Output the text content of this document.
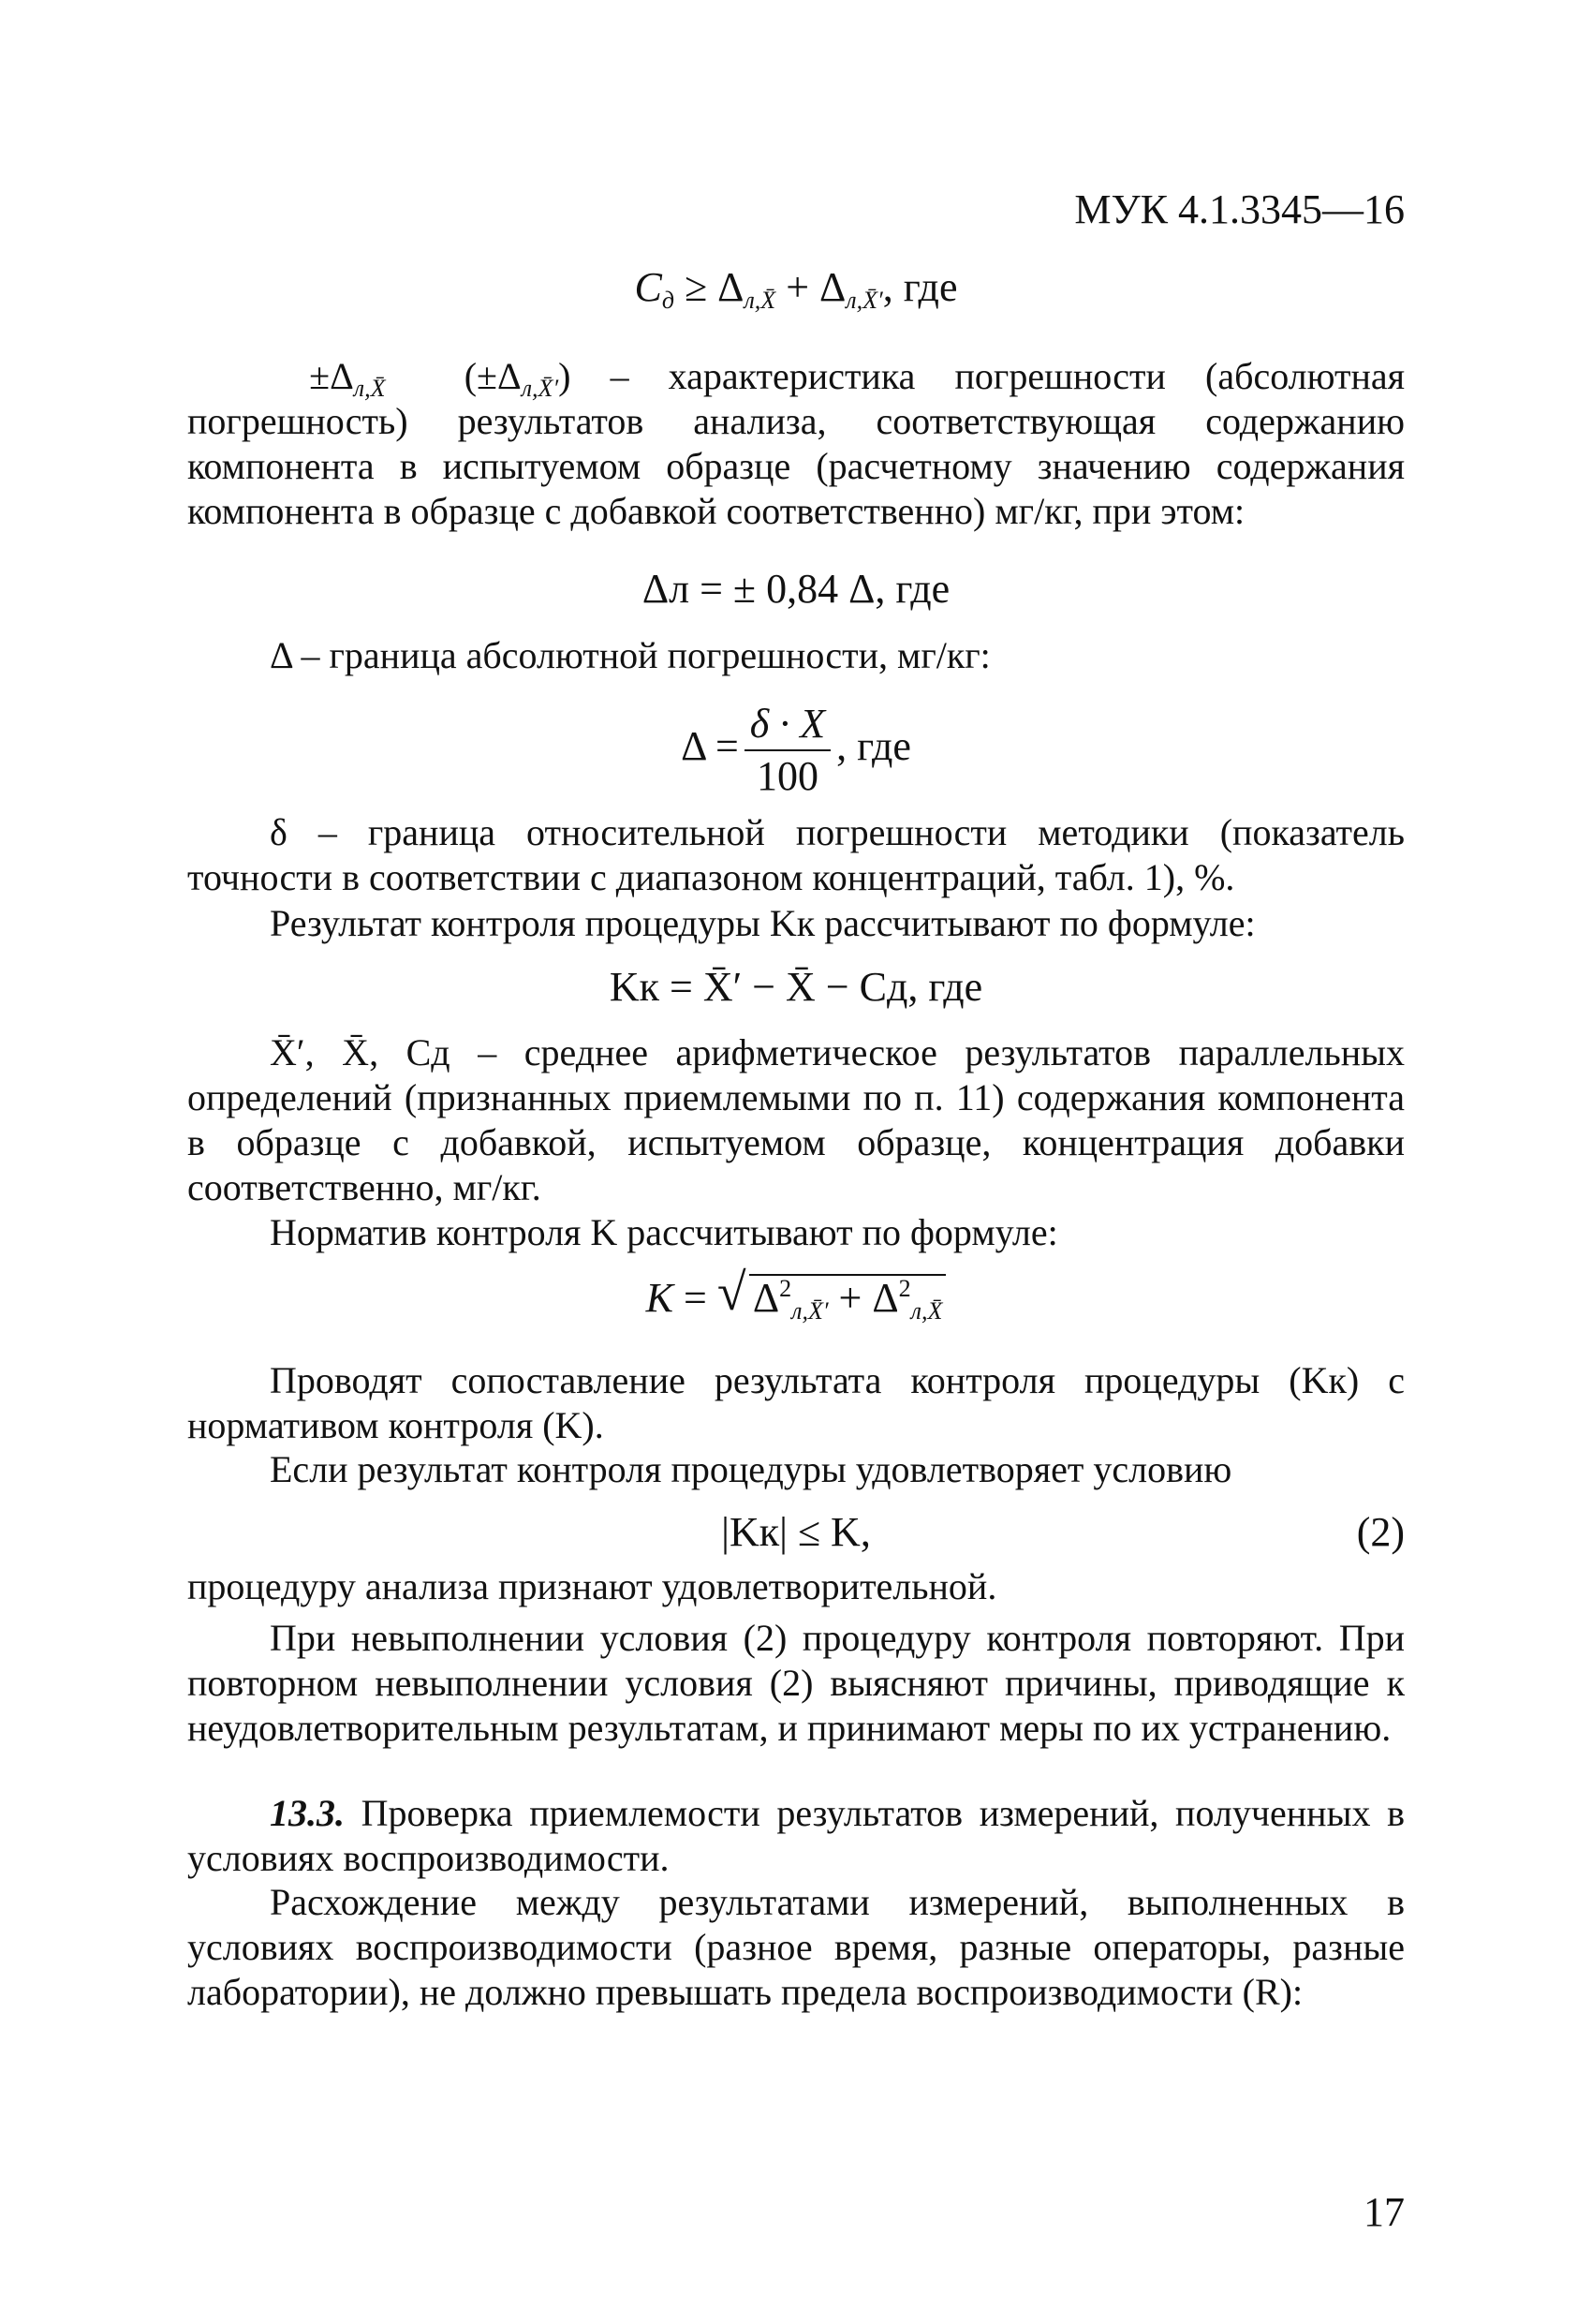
МУК 4.1.3345—16
Cд ≥ Δл,X̄ + Δл,X̄′, где
$\pm\Delta_{л,X̄}$  $(\pm\Delta_{л,X̄'})$ – характеристика погрешности (абсолютная погрешность) результатов анализа, соответствующая содержанию компонента в испытуемом образце (расчетному значению содержания компонента в образце с добавкой соответственно) мг/кг, при этом:
Δл = ± 0,84 Δ, где
Δ – граница абсолютной погрешности, мг/кг:
$\Delta = \frac{\delta \cdot X}{100}$ , где
δ – граница относительной погрешности методики (показатель точности в соответствии с диапазоном концентраций, табл. 1), %.
Результат контроля процедуры Kк рассчитывают по формуле:
Kк = X̄′ − X̄ − Cд, где
X̄′, X̄, Cд – среднее арифметическое результатов параллельных определений (признанных приемлемыми по п. 11) содержания компонента в образце с добавкой, испытуемом образце, концентрация добавки соответственно, мг/кг.
Норматив контроля K рассчитывают по формуле:
K = √ $\Delta^2л,X̄'$ + $\Delta^2л,X̄$
Проводят сопоставление результата контроля процедуры (Kк) с нормативом контроля (K).
Если результат контроля процедуры удовлетворяет условию
|Kк| ≤ K,	(2)
процедуру анализа признают удовлетворительной.
При невыполнении условия (2) процедуру контроля повторяют. При повторном невыполнении условия (2) выясняют причины, приводящие к неудовлетворительным результатам, и принимают меры по их устранению.
13.3. Проверка приемлемости результатов измерений, полученных в условиях воспроизводимости.
Расхождение между результатами измерений, выполненных в условиях воспроизводимости (разное время, разные операторы, разные лаборатории), не должно превышать предела воспроизводимости (R):
17
